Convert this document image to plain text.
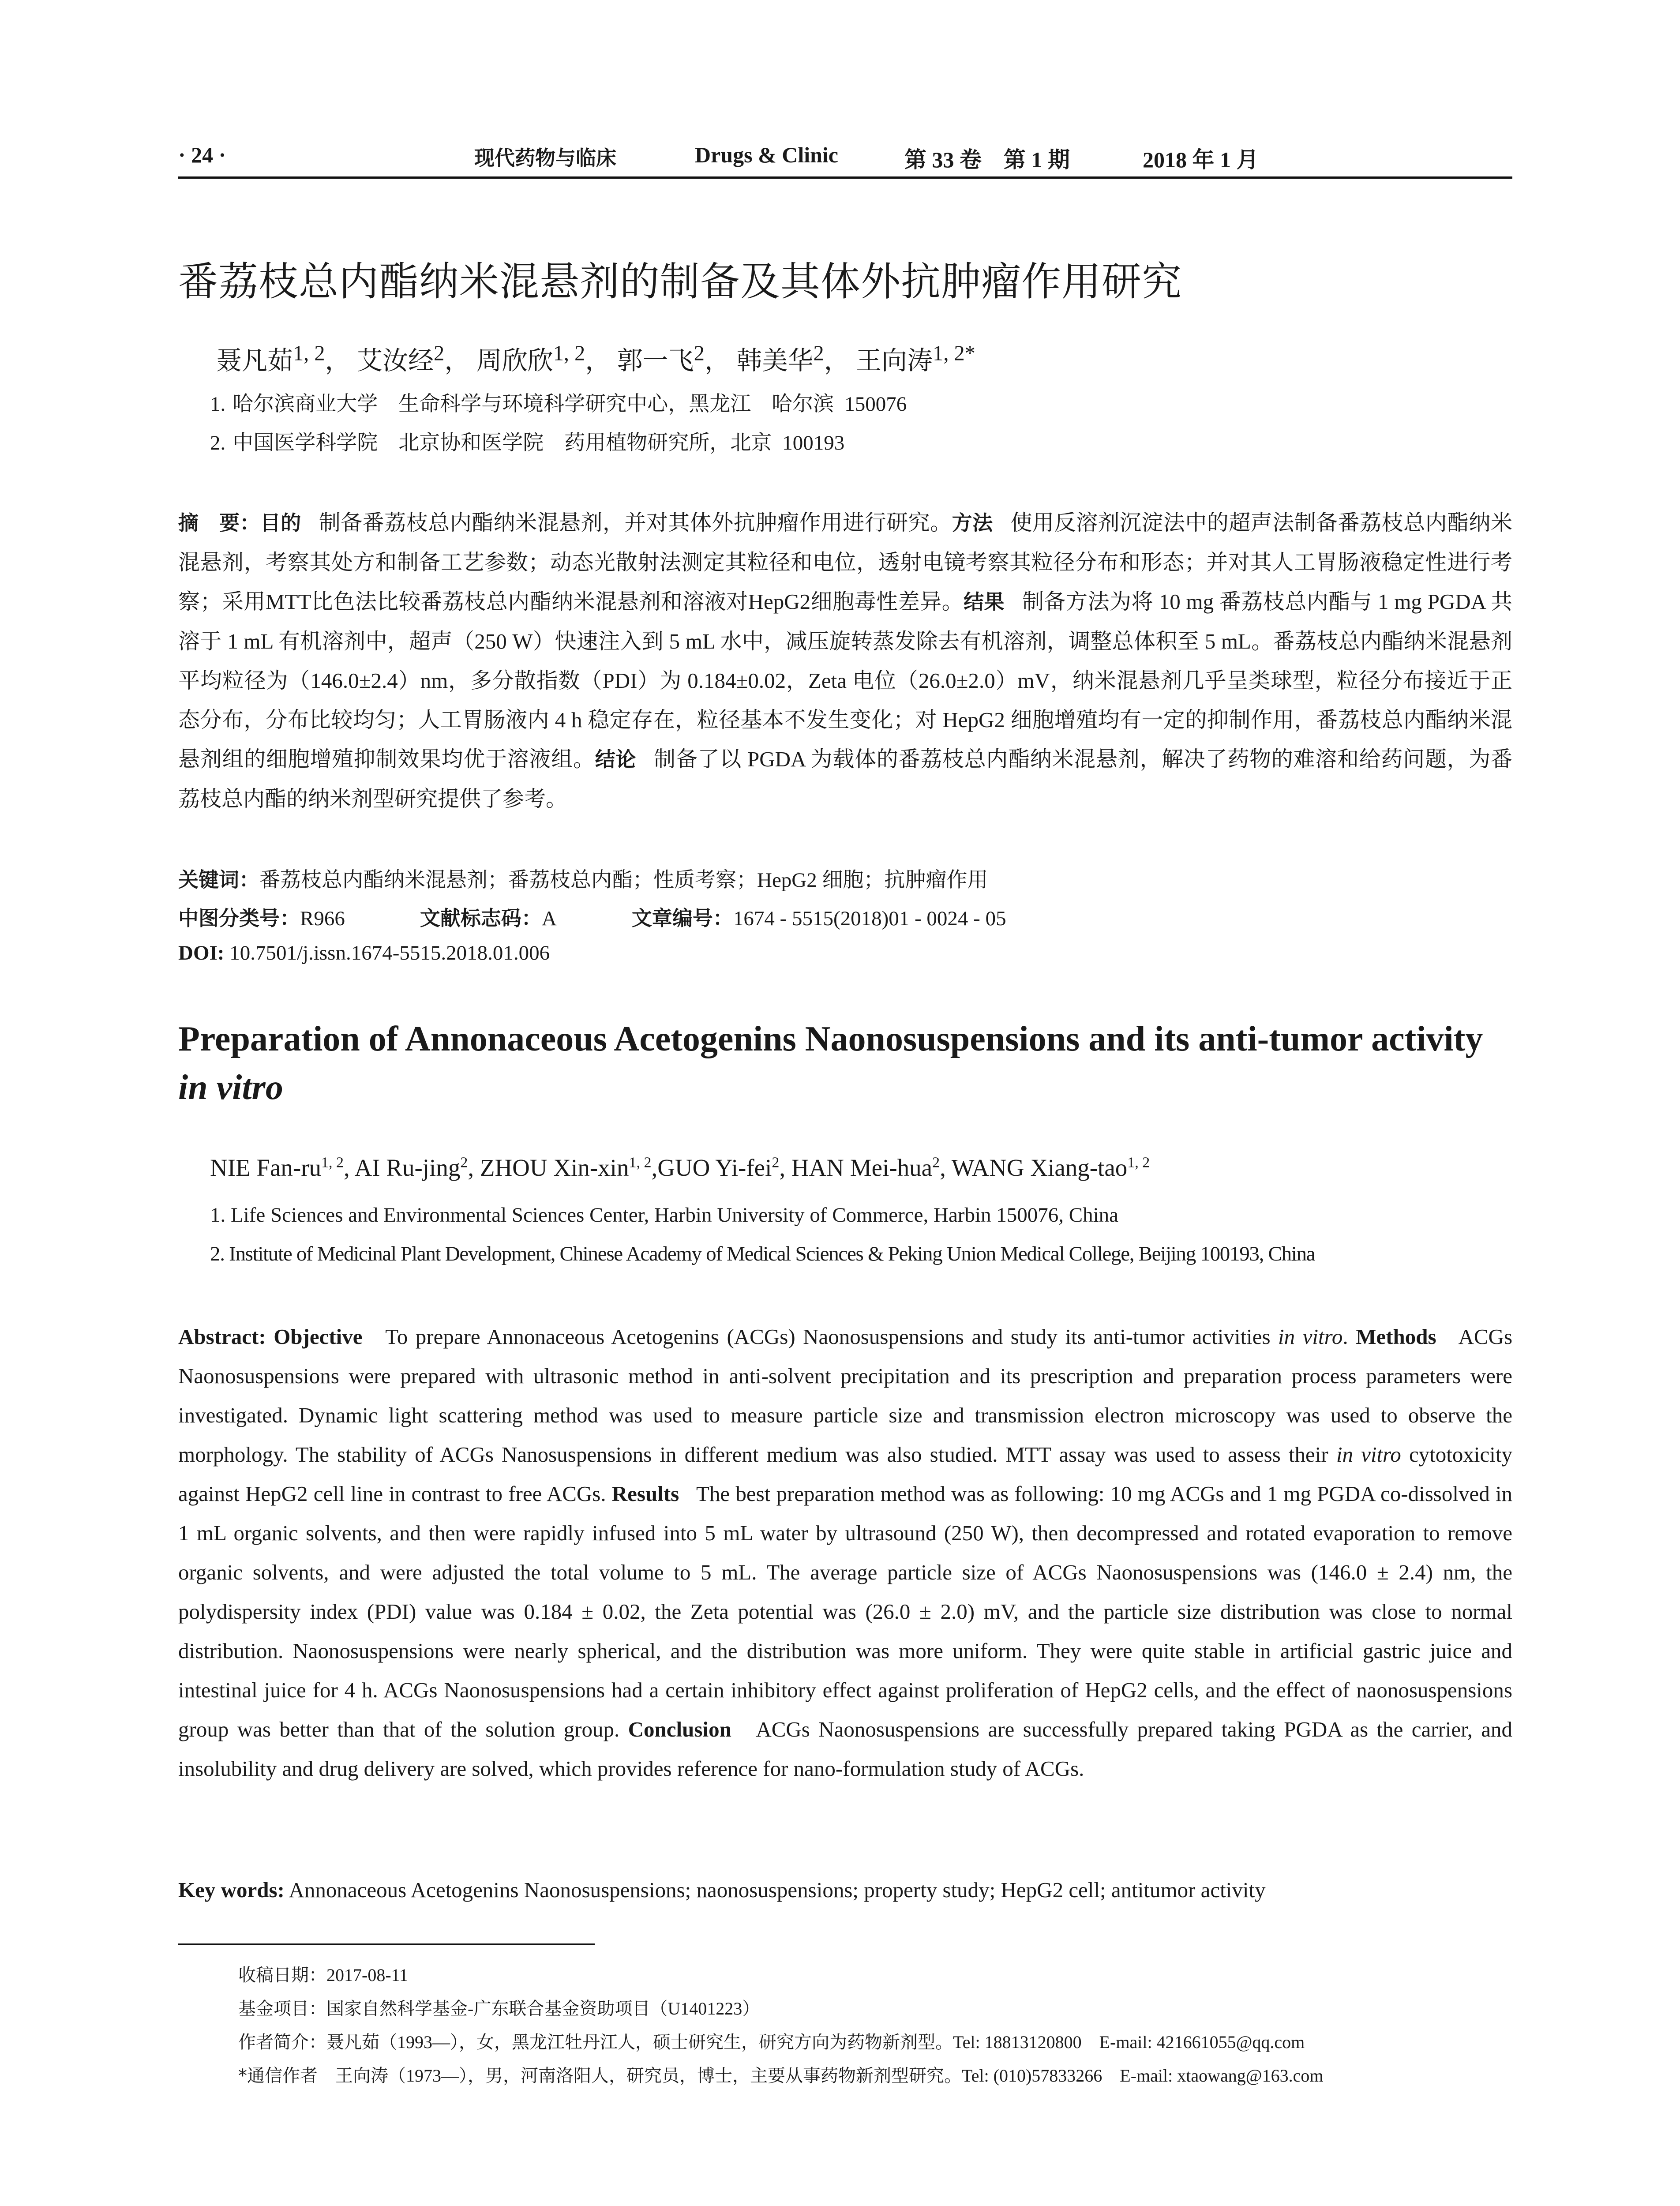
· 24 ·	现代药物与临床	Drugs & Clinic	第 33 卷　第 1 期	2018 年 1 月
番荔枝总内酯纳米混悬剂的制备及其体外抗肿瘤作用研究
聂凡茹$^{1, 2}$， 艾汝经$^2$， 周欣欣$^{1, 2}$， 郭一飞$^2$， 韩美华$^2$， 王向涛$^{1, 2*}$
1. 哈尔滨商业大学　生命科学与环境科学研究中心，黑龙江　哈尔滨 150076
2. 中国医学科学院　北京协和医学院　药用植物研究所，北京 100193
摘　要：目的 制备番荔枝总内酯纳米混悬剂，并对其体外抗肿瘤作用进行研究。方法 使用反溶剂沉淀法中的超声法制备番荔枝总内酯纳米混悬剂，考察其处方和制备工艺参数；动态光散射法测定其粒径和电位，透射电镜考察其粒径分布和形态；并对其人工胃肠液稳定性进行考察；采用MTT比色法比较番荔枝总内酯纳米混悬剂和溶液对HepG2细胞毒性差异。结果 制备方法为将 10 mg 番荔枝总内酯与 1 mg PGDA 共溶于 1 mL 有机溶剂中，超声（250 W）快速注入到 5 mL 水中，减压旋转蒸发除去有机溶剂，调整总体积至 5 mL。番荔枝总内酯纳米混悬剂平均粒径为（146.0±2.4）nm，多分散指数（PDI）为 0.184±0.02，Zeta 电位（26.0±2.0）mV，纳米混悬剂几乎呈类球型，粒径分布接近于正态分布，分布比较均匀；人工胃肠液内 4 h 稳定存在，粒径基本不发生变化；对 HepG2 细胞增殖均有一定的抑制作用，番荔枝总内酯纳米混悬剂组的细胞增殖抑制效果均优于溶液组。结论 制备了以 PGDA 为载体的番荔枝总内酯纳米混悬剂，解决了药物的难溶和给药问题，为番荔枝总内酯的纳米剂型研究提供了参考。
关键词：番荔枝总内酯纳米混悬剂；番荔枝总内酯；性质考察；HepG2 细胞；抗肿瘤作用
中图分类号：R966	文献标志码：A	文章编号：1674 - 5515(2018)01 - 0024 - 05
DOI: 10.7501/j.issn.1674-5515.2018.01.006
Preparation of Annonaceous Acetogenins Naonosuspensions and its anti-tumor activity in vitro
NIE Fan-ru$^{1, 2}$, AI Ru-jing$^2$, ZHOU Xin-xin$^{1, 2}$,GUO Yi-fei$^2$, HAN Mei-hua$^2$, WANG Xiang-tao$^{1, 2}$
1. Life Sciences and Environmental Sciences Center, Harbin University of Commerce, Harbin 150076, China
2. Institute of Medicinal Plant Development, Chinese Academy of Medical Sciences & Peking Union Medical College, Beijing 100193, China
Abstract: Objective To prepare Annonaceous Acetogenins (ACGs) Naonosuspensions and study its anti-tumor activities in vitro. Methods ACGs Naonosuspensions were prepared with ultrasonic method in anti-solvent precipitation and its prescription and preparation process parameters were investigated. Dynamic light scattering method was used to measure particle size and transmission electron microscopy was used to observe the morphology. The stability of ACGs Nanosuspensions in different medium was also studied. MTT assay was used to assess their in vitro cytotoxicity against HepG2 cell line in contrast to free ACGs. Results The best preparation method was as following: 10 mg ACGs and 1 mg PGDA co-dissolved in 1 mL organic solvents, and then were rapidly infused into 5 mL water by ultrasound (250 W), then decompressed and rotated evaporation to remove organic solvents, and were adjusted the total volume to 5 mL. The average particle size of ACGs Naonosuspensions was (146.0 ± 2.4) nm, the polydispersity index (PDI) value was 0.184 ± 0.02, the Zeta potential was (26.0 ± 2.0) mV, and the particle size distribution was close to normal distribution. Naonosuspensions were nearly spherical, and the distribution was more uniform. They were quite stable in artificial gastric juice and intestinal juice for 4 h. ACGs Naonosuspensions had a certain inhibitory effect against proliferation of HepG2 cells, and the effect of naonosuspensions group was better than that of the solution group. Conclusion ACGs Naonosuspensions are successfully prepared taking PGDA as the carrier, and insolubility and drug delivery are solved, which provides reference for nano-formulation study of ACGs.
Key words: Annonaceous Acetogenins Naonosuspensions; naonosuspensions; property study; HepG2 cell; antitumor activity
收稿日期：2017-08-11
基金项目：国家自然科学基金-广东联合基金资助项目（U1401223）
作者简介：聂凡茹（1993—），女，黑龙江牡丹江人，硕士研究生，研究方向为药物新剂型。Tel: 18813120800　E-mail: 421661055@qq.com
*通信作者　王向涛（1973—），男，河南洛阳人，研究员，博士，主要从事药物新剂型研究。Tel: (010)57833266　E-mail: xtaowang@163.com
